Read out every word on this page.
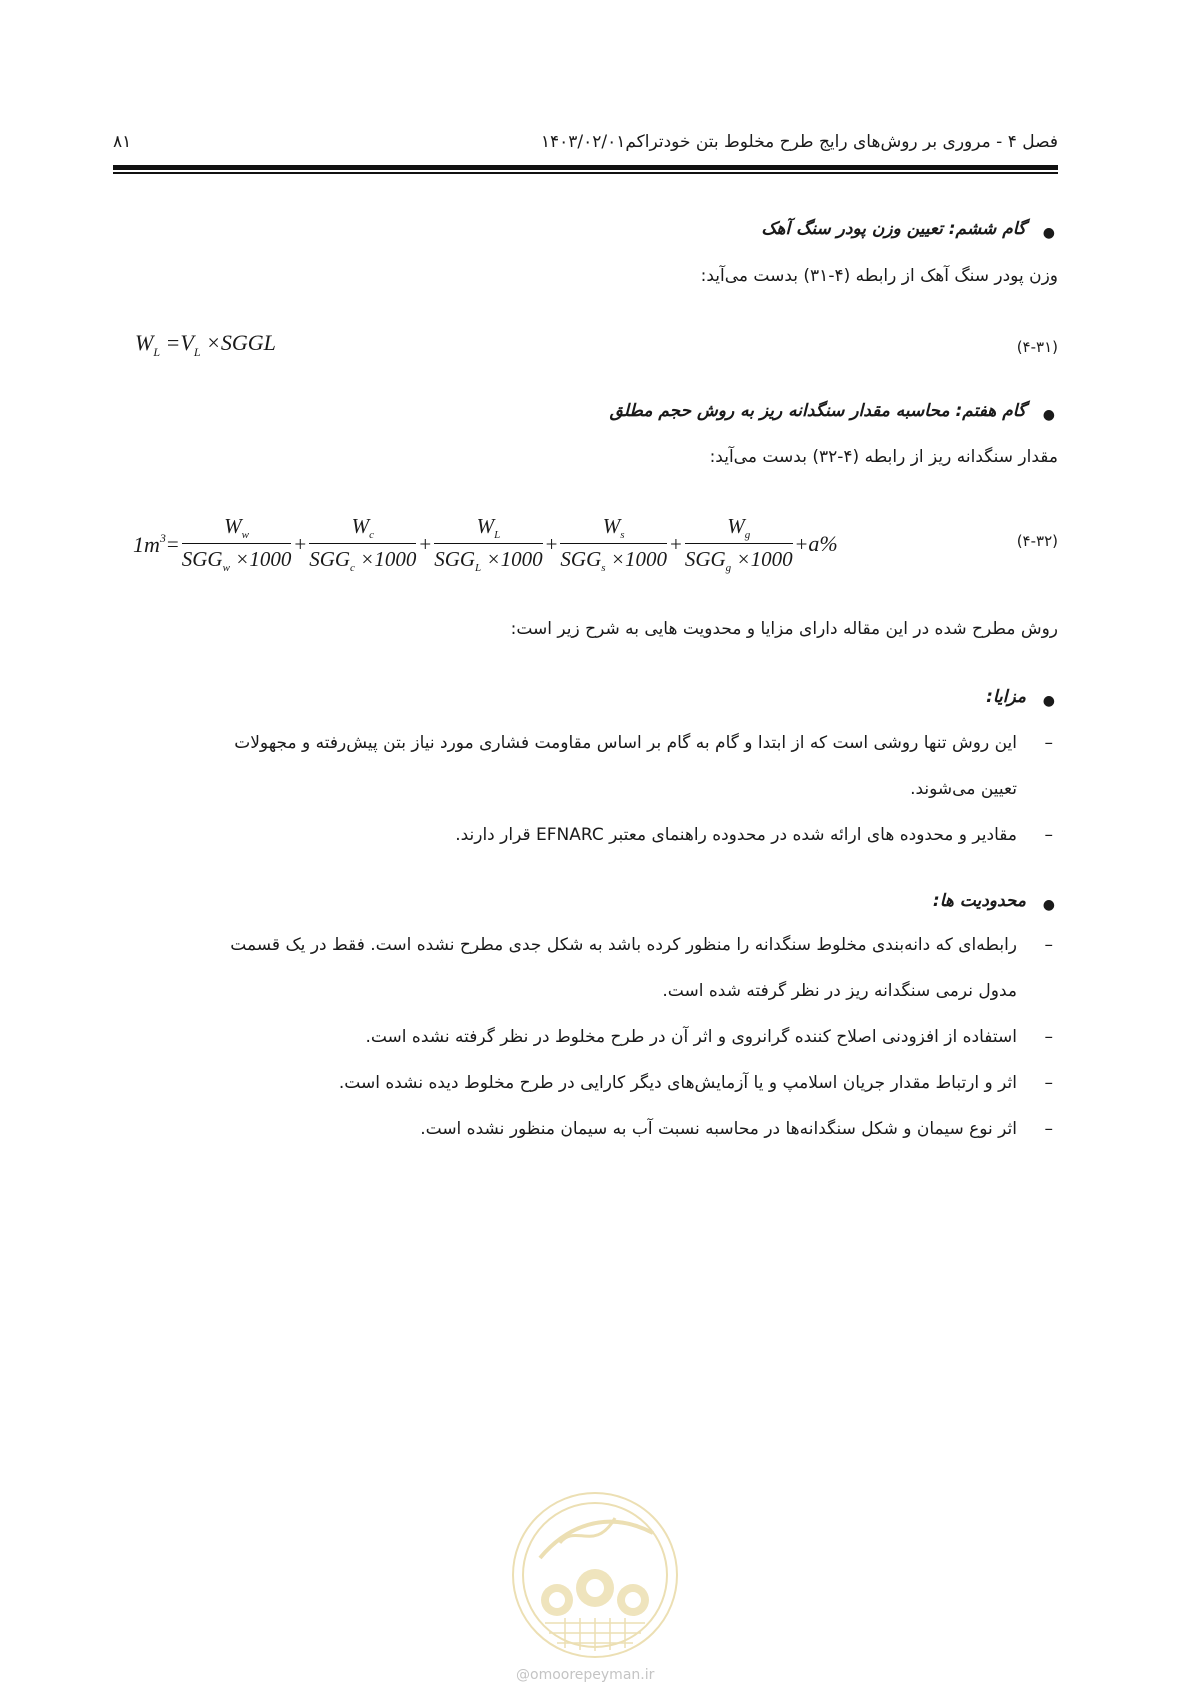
فصل ۴ - مروری بر روش‌های رایج طرح مخلوط بتن خودتراکم۱۴۰۳/۰۲/۰۱
۸۱
●
گام ششم: تعیین وزن پودر سنگ آهک
وزن پودر سنگ آهک از رابطه (۴-۳۱) بدست می‌آید:
$W_L =V_L$ ×SGGL	(۴-۳۱)
●
گام هفتم: محاسبه مقدار سنگدانه ریز به روش حجم مطلق
مقدار سنگدانه ریز از رابطه (۴-۳۲) بدست می‌آید:
$1m^3= \frac{W_w}{SGG_w \times 1000} + \frac{W_c}{SGG_c \times 1000} + \frac{W_L}{SGG_L \times 1000} + \frac{W_s}{SGG_s \times 1000} + \frac{W_g}{SGG_g \times 1000} +a\%$	(۴-۳۲)
روش مطرح شده در این مقاله دارای مزایا و محدویت هایی به شرح زیر است:
●
مزایا:
–
این روش تنها روشی است که از ابتدا و گام به گام بر اساس مقاومت فشاری مورد نیاز بتن پیش‌رفته و مجهولات
تعیین می‌شوند.
–
مقادیر و محدوده های ارائه شده در محدوده راهنمای معتبر EFNARC قرار دارند.
●
محدودیت ها:
–
رابطه‌ای که دانه‌بندی مخلوط سنگدانه را منظور کرده باشد به شکل جدی مطرح نشده است. فقط در یک قسمت
مدول نرمی سنگدانه ریز در نظر گرفته شده است.
–
استفاده از افزودنی اصلاح کننده گرانروی و اثر آن در طرح مخلوط در نظر گرفته نشده است.
–
اثر و ارتباط مقدار جریان اسلامپ و یا آزمایش‌های دیگر کارایی در طرح مخلوط دیده نشده است.
–
اثر نوع سیمان و شکل سنگدانه‌ها در محاسبه نسبت آب به سیمان منظور نشده است.
@omoorepeyman.ir
